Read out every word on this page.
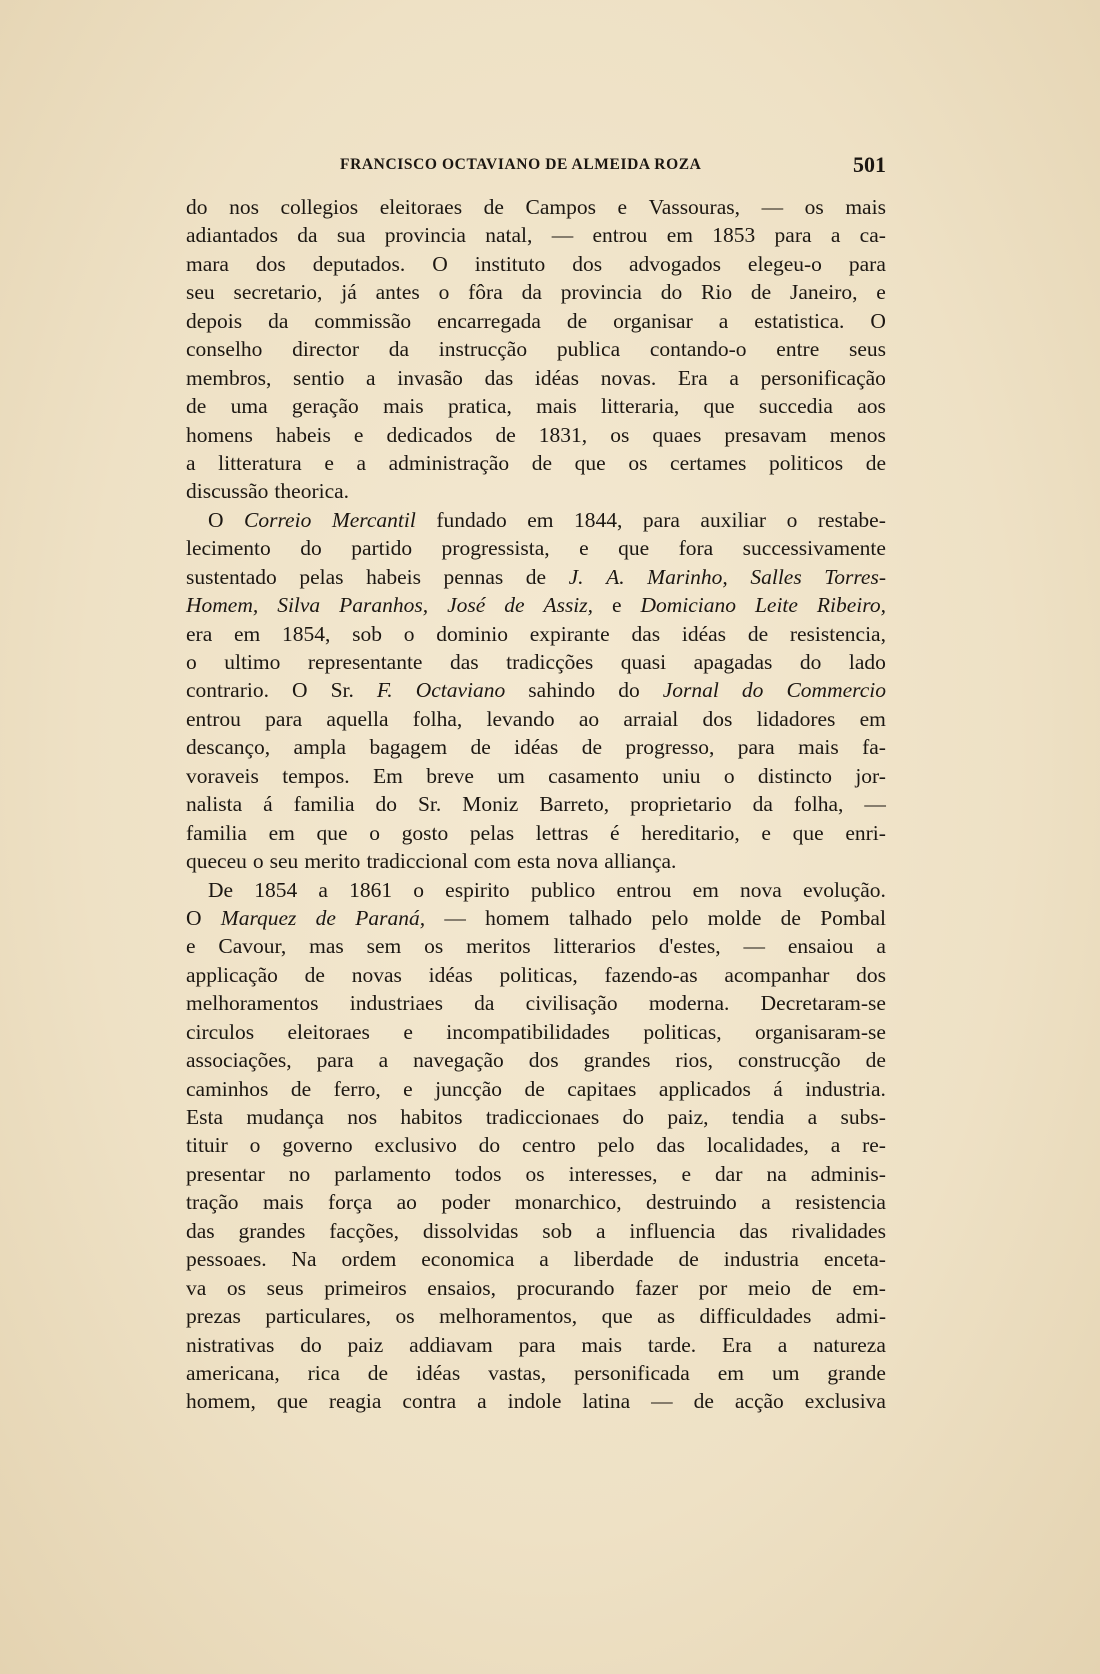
FRANCISCO OCTAVIANO DE ALMEIDA ROZA	501
do nos collegios eleitoraes de Campos e Vassouras, — os mais
adiantados da sua provincia natal, — entrou em 1853 para a ca-
mara dos deputados. O instituto dos advogados elegeu-o para
seu secretario, já antes o fôra da provincia do Rio de Janeiro, e
depois da commissão encarregada de organisar a estatistica. O
conselho director da instrucção publica contando-o entre seus
membros, sentio a invasão das idéas novas. Era a personificação
de uma geração mais pratica, mais litteraria, que succedia aos
homens habeis e dedicados de 1831, os quaes presavam menos
a litteratura e a administração de que os certames politicos de
discussão theorica.
O Correio Mercantil fundado em 1844, para auxiliar o restabe-
lecimento do partido progressista, e que fora successivamente
sustentado pelas habeis pennas de J. A. Marinho, Salles Torres-
Homem, Silva Paranhos, José de Assiz, e Domiciano Leite Ribeiro,
era em 1854, sob o dominio expirante das idéas de resistencia,
o ultimo representante das tradicções quasi apagadas do lado
contrario. O Sr. F. Octaviano sahindo do Jornal do Commercio
entrou para aquella folha, levando ao arraial dos lidadores em
descanço, ampla bagagem de idéas de progresso, para mais fa-
voraveis tempos. Em breve um casamento uniu o distincto jor-
nalista á familia do Sr. Moniz Barreto, proprietario da folha, —
familia em que o gosto pelas lettras é hereditario, e que enri-
queceu o seu merito tradiccional com esta nova alliança.
De 1854 a 1861 o espirito publico entrou em nova evolução.
O Marquez de Paraná, — homem talhado pelo molde de Pombal
e Cavour, mas sem os meritos litterarios d'estes, — ensaiou a
applicação de novas idéas politicas, fazendo-as acompanhar dos
melhoramentos industriaes da civilisação moderna. Decretaram-se
circulos eleitoraes e incompatibilidades politicas, organisaram-se
associações, para a navegação dos grandes rios, construcção de
caminhos de ferro, e juncção de capitaes applicados á industria.
Esta mudança nos habitos tradiccionaes do paiz, tendia a subs-
tituir o governo exclusivo do centro pelo das localidades, a re-
presentar no parlamento todos os interesses, e dar na adminis-
tração mais força ao poder monarchico, destruindo a resistencia
das grandes facções, dissolvidas sob a influencia das rivalidades
pessoaes. Na ordem economica a liberdade de industria enceta-
va os seus primeiros ensaios, procurando fazer por meio de em-
prezas particulares, os melhoramentos, que as difficuldades admi-
nistrativas do paiz addiavam para mais tarde. Era a natureza
americana, rica de idéas vastas, personificada em um grande
homem, que reagia contra a indole latina — de acção exclusiva
